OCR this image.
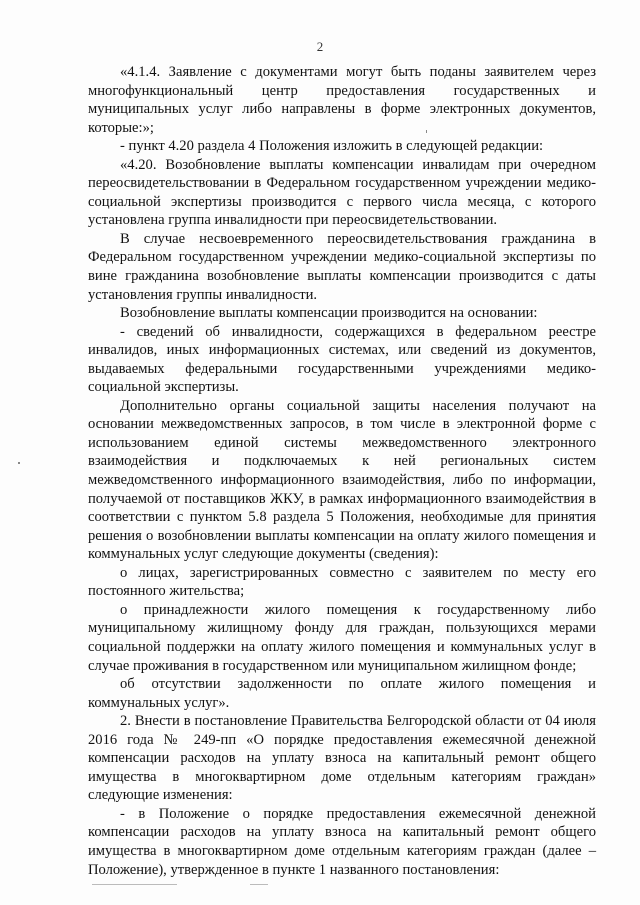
2

«4.1.4. Заявление с документами могут быть поданы заявителем через многофункциональный центр предоставления государственных и муниципальных услуг либо направлены в форме электронных документов, которые:»;

- пункт 4.20 раздела 4 Положения изложить в следующей редакции:

«4.20. Возобновление выплаты компенсации инвалидам при очередном переосвидетельствовании в Федеральном государственном учреждении медико-социальной экспертизы производится с первого числа месяца, с которого установлена группа инвалидности при переосвидетельствовании.

В случае несвоевременного переосвидетельствования гражданина в Федеральном государственном учреждении медико-социальной экспертизы по вине гражданина возобновление выплаты компенсации производится с даты установления группы инвалидности.

Возобновление выплаты компенсации производится на основании:

- сведений об инвалидности, содержащихся в федеральном реестре инвалидов, иных информационных системах, или сведений из документов, выдаваемых федеральными государственными учреждениями медико-социальной экспертизы.

Дополнительно органы социальной защиты населения получают на основании межведомственных запросов, в том числе в электронной форме с использованием единой системы межведомственного электронного взаимодействия и подключаемых к ней региональных систем межведомственного информационного взаимодействия, либо по информации, получаемой от поставщиков ЖКУ, в рамках информационного взаимодействия в соответствии с пунктом 5.8 раздела 5 Положения, необходимые для принятия решения о возобновлении выплаты компенсации на оплату жилого помещения и коммунальных услуг следующие документы (сведения):

о лицах, зарегистрированных совместно с заявителем по месту его постоянного жительства;

о принадлежности жилого помещения к государственному либо муниципальному жилищному фонду для граждан, пользующихся мерами социальной поддержки на оплату жилого помещения и коммунальных услуг в случае проживания в государственном или муниципальном жилищном фонде;

об отсутствии задолженности по оплате жилого помещения и коммунальных услуг».

2. Внести в постановление Правительства Белгородской области от 04 июля 2016 года № 249-пп «О порядке предоставления ежемесячной денежной компенсации расходов на уплату взноса на капитальный ремонт общего имущества в многоквартирном доме отдельным категориям граждан» следующие изменения:

- в Положение о порядке предоставления ежемесячной денежной компенсации расходов на уплату взноса на капитальный ремонт общего имущества в многоквартирном доме отдельным категориям граждан (далее – Положение), утвержденное в пункте 1 названного постановления:
